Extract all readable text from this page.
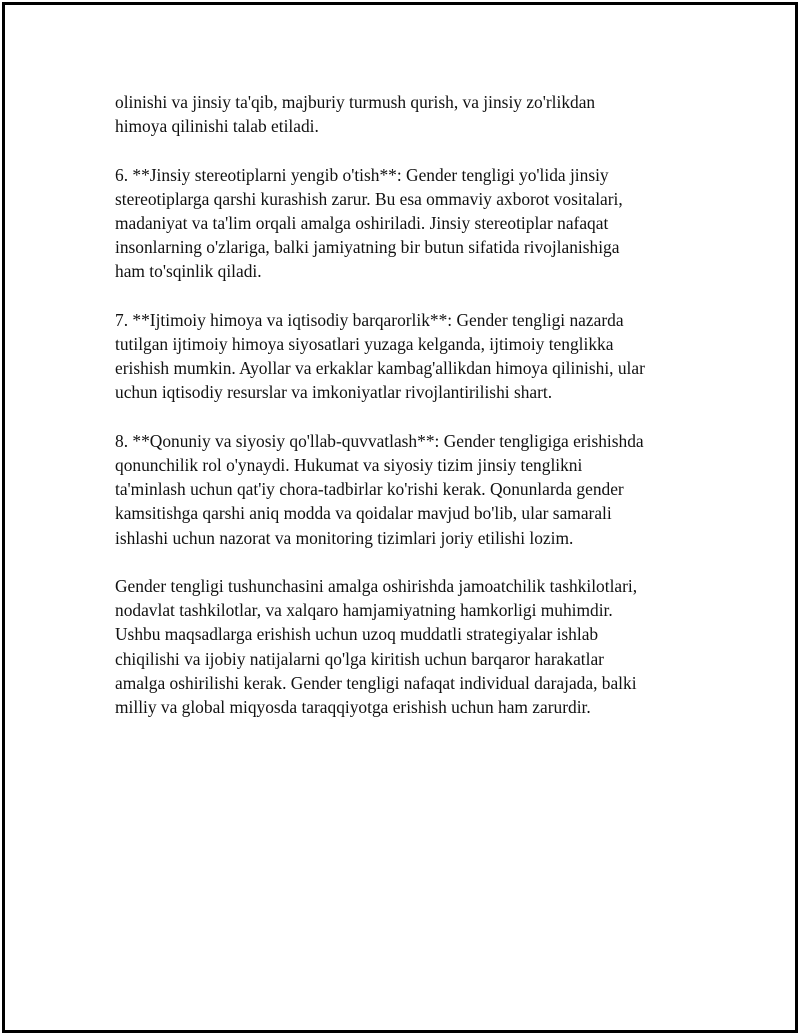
olinishi va jinsiy ta'qib, majburiy turmush qurish, va jinsiy zo'rlikdan
himoya qilinishi talab etiladi.

6. **Jinsiy stereotiplarni yengib o'tish**: Gender tengligi yo'lida jinsiy
stereotiplarga qarshi kurashish zarur. Bu esa ommaviy axborot vositalari,
madaniyat va ta'lim orqali amalga oshiriladi. Jinsiy stereotiplar nafaqat
insonlarning o'zlariga, balki jamiyatning bir butun sifatida rivojlanishiga
ham to'sqinlik qiladi.

7. **Ijtimoiy himoya va iqtisodiy barqarorlik**: Gender tengligi nazarda
tutilgan ijtimoiy himoya siyosatlari yuzaga kelganda, ijtimoiy tenglikka
erishish mumkin. Ayollar va erkaklar kambag'allikdan himoya qilinishi, ular
uchun iqtisodiy resurslar va imkoniyatlar rivojlantirilishi shart.

8. **Qonuniy va siyosiy qo'llab-quvvatlash**: Gender tengligiga erishishda
qonunchilik rol o'ynaydi. Hukumat va siyosiy tizim jinsiy tenglikni
ta'minlash uchun qat'iy chora-tadbirlar ko'rishi kerak. Qonunlarda gender
kamsitishga qarshi aniq modda va qoidalar mavjud bo'lib, ular samarali
ishlashi uchun nazorat va monitoring tizimlari joriy etilishi lozim.

Gender tengligi tushunchasini amalga oshirishda jamoatchilik tashkilotlari,
nodavlat tashkilotlar, va xalqaro hamjamiyatning hamkorligi muhimdir.
Ushbu maqsadlarga erishish uchun uzoq muddatli strategiyalar ishlab
chiqilishi va ijobiy natijalarni qo'lga kiritish uchun barqaror harakatlar
amalga oshirilishi kerak. Gender tengligi nafaqat individual darajada, balki
milliy va global miqyosda taraqqiyotga erishish uchun ham zarurdir.
